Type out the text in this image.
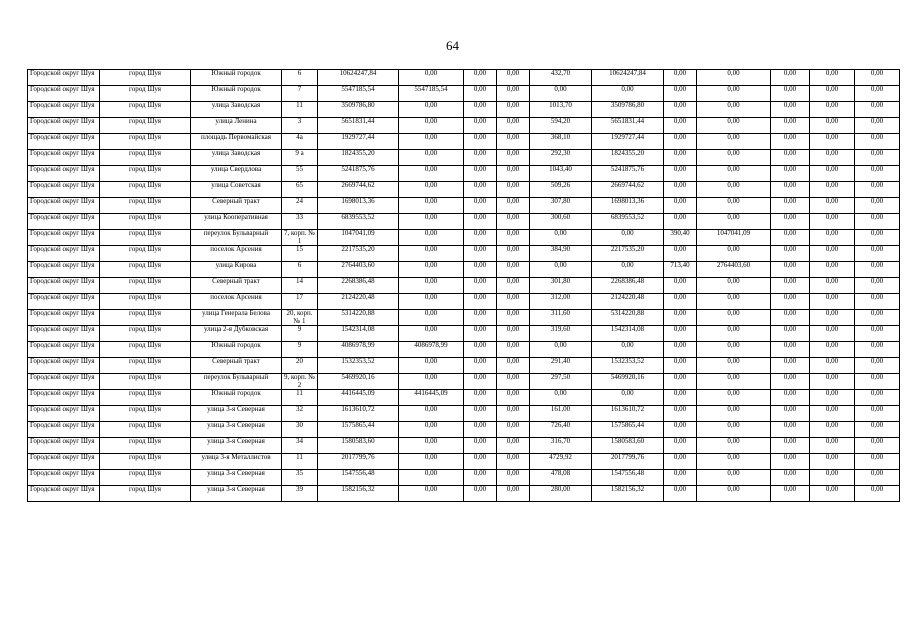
64
Городской округ Шуя	город Шуя	Южный городок	6	10624247,84	0,00	0,00	0,00	432,70	10624247,84	0,00	0,00	0,00	0,00	0,00
Городской округ Шуя	город Шуя	Южный городок	7	5547185,54	5547185,54	0,00	0,00	0,00	0,00	0,00	0,00	0,00	0,00	0,00
Городской округ Шуя	город Шуя	улица Заводская	11	3509786,80	0,00	0,00	0,00	1013,70	3509786,80	0,00	0,00	0,00	0,00	0,00
Городской округ Шуя	город Шуя	улица Ленина	3	5651831,44	0,00	0,00	0,00	594,20	5651831,44	0,00	0,00	0,00	0,00	0,00
Городской округ Шуя	город Шуя	площадь Первомайская	4а	1929727,44	0,00	0,00	0,00	368,10	1929727,44	0,00	0,00	0,00	0,00	0,00
Городской округ Шуя	город Шуя	улица Заводская	9 а	1824355,20	0,00	0,00	0,00	292,30	1824355,20	0,00	0,00	0,00	0,00	0,00
Городской округ Шуя	город Шуя	улица Свердлова	55	5241875,76	0,00	0,00	0,00	1043,40	5241875,76	0,00	0,00	0,00	0,00	0,00
Городской округ Шуя	город Шуя	улица Советская	65	2669744,62	0,00	0,00	0,00	509,26	2669744,62	0,00	0,00	0,00	0,00	0,00
Городской округ Шуя	город Шуя	Северный тракт	24	1698013,36	0,00	0,00	0,00	307,80	1698013,36	0,00	0,00	0,00	0,00	0,00
Городской округ Шуя	город Шуя	улица Кооперативная	33	6839553,52	0,00	0,00	0,00	300,60	6839553,52	0,00	0,00	0,00	0,00	0,00
Городской округ Шуя	город Шуя	переулок Бульварный	7, корп. № 1	1047041,09	0,00	0,00	0,00	0,00	0,00	390,40	1047041,09	0,00	0,00	0,00
Городской округ Шуя	город Шуя	поселок Арсения	15	2217535,20	0,00	0,00	0,00	384,90	2217535,20	0,00	0,00	0,00	0,00	0,00
Городской округ Шуя	город Шуя	улица Кирова	6	2764403,60	0,00	0,00	0,00	0,00	0,00	713,40	2764403,60	0,00	0,00	0,00
Городской округ Шуя	город Шуя	Северный тракт	14	2268386,48	0,00	0,00	0,00	301,80	2268386,48	0,00	0,00	0,00	0,00	0,00
Городской округ Шуя	город Шуя	поселок Арсения	17	2124220,48	0,00	0,00	0,00	312,00	2124220,48	0,00	0,00	0,00	0,00	0,00
Городской округ Шуя	город Шуя	улица Генерала Белова	20, корп. № 1	5314220,88	0,00	0,00	0,00	311,60	5314220,88	0,00	0,00	0,00	0,00	0,00
Городской округ Шуя	город Шуя	улица 2-я Дубковская	9	1542314,08	0,00	0,00	0,00	319,60	1542314,08	0,00	0,00	0,00	0,00	0,00
Городской округ Шуя	город Шуя	Южный городок	9	4086978,99	4086978,99	0,00	0,00	0,00	0,00	0,00	0,00	0,00	0,00	0,00
Городской округ Шуя	город Шуя	Северный тракт	20	1532353,52	0,00	0,00	0,00	291,40	1532353,52	0,00	0,00	0,00	0,00	0,00
Городской округ Шуя	город Шуя	переулок Бульварный	9, корп. № 2	5469920,16	0,00	0,00	0,00	297,50	5469920,16	0,00	0,00	0,00	0,00	0,00
Городской округ Шуя	город Шуя	Южный городок	11	4416445,09	4416445,09	0,00	0,00	0,00	0,00	0,00	0,00	0,00	0,00	0,00
Городской округ Шуя	город Шуя	улица 3-я Северная	32	1613610,72	0,00	0,00	0,00	161,00	1613610,72	0,00	0,00	0,00	0,00	0,00
Городской округ Шуя	город Шуя	улица 3-я Северная	30	1575865,44	0,00	0,00	0,00	726,40	1575865,44	0,00	0,00	0,00	0,00	0,00
Городской округ Шуя	город Шуя	улица 3-я Северная	34	1580583,60	0,00	0,00	0,00	316,70	1580583,60	0,00	0,00	0,00	0,00	0,00
Городской округ Шуя	город Шуя	улица 3-я Металлистов	11	2017799,76	0,00	0,00	0,00	4729,92	2017799,76	0,00	0,00	0,00	0,00	0,00
Городской округ Шуя	город Шуя	улица 3-я Северная	35	1547556,48	0,00	0,00	0,00	478,08	1547556,48	0,00	0,00	0,00	0,00	0,00
Городской округ Шуя	город Шуя	улица 3-я Северная	39	1582156,32	0,00	0,00	0,00	280,00	1582156,32	0,00	0,00	0,00	0,00	0,00
